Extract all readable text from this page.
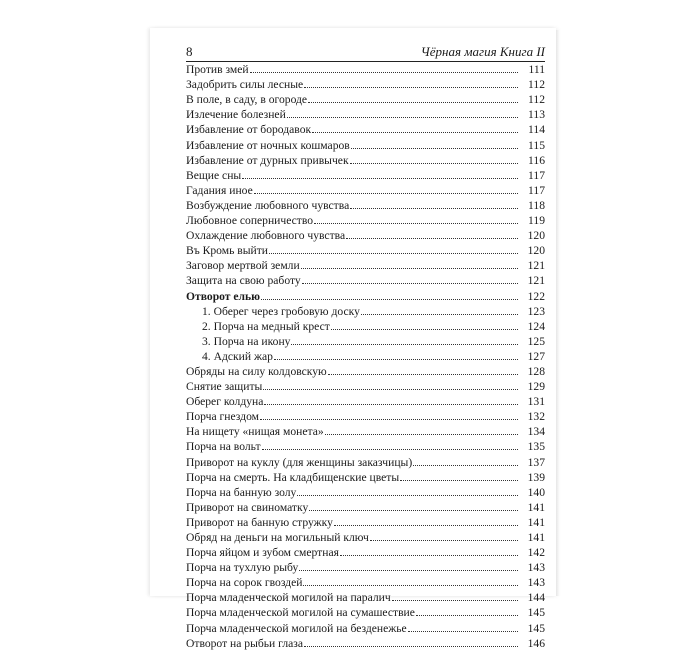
8	Чёрная магия Книга II
Против змей	111
Задобрить силы лесные	112
В поле, в саду, в огороде	112
Излечение болезней	113
Избавление от бородавок	114
Избавление от ночных кошмаров	115
Избавление от дурных привычек	116
Вещие сны	117
Гадания иное	117
Возбуждение любовного чувства	118
Любовное соперничество	119
Охлаждение любовного чувства	120
Въ Кромь выйти	120
Заговор мертвой земли	121
Защита на свою работу	121
Отворот елью	122
1. Оберег через гробовую доску	123
2. Порча на медный крест	124
3. Порча на икону	125
4. Адский жар	127
Обряды на силу колдовскую	128
Снятие защиты	129
Оберег колдуна	131
Порча гнездом	132
На нищету «нищая монета»	134
Порча на вольт	135
Приворот на куклу (для женщины заказчицы)	137
Порча на смерть. На кладбищенские цветы	139
Порча на банную золу	140
Приворот на свиноматку	141
Приворот на банную стружку	141
Обряд на деньги на могильный ключ	141
Порча яйцом и зубом смертная	142
Порча на тухлую рыбу	143
Порча на сорок гвоздей	143
Порча младенческой могилой на паралич	144
Порча младенческой могилой на сумашествие	145
Порча младенческой могилой на безденежье	145
Отворот на рыбьи глаза	146
